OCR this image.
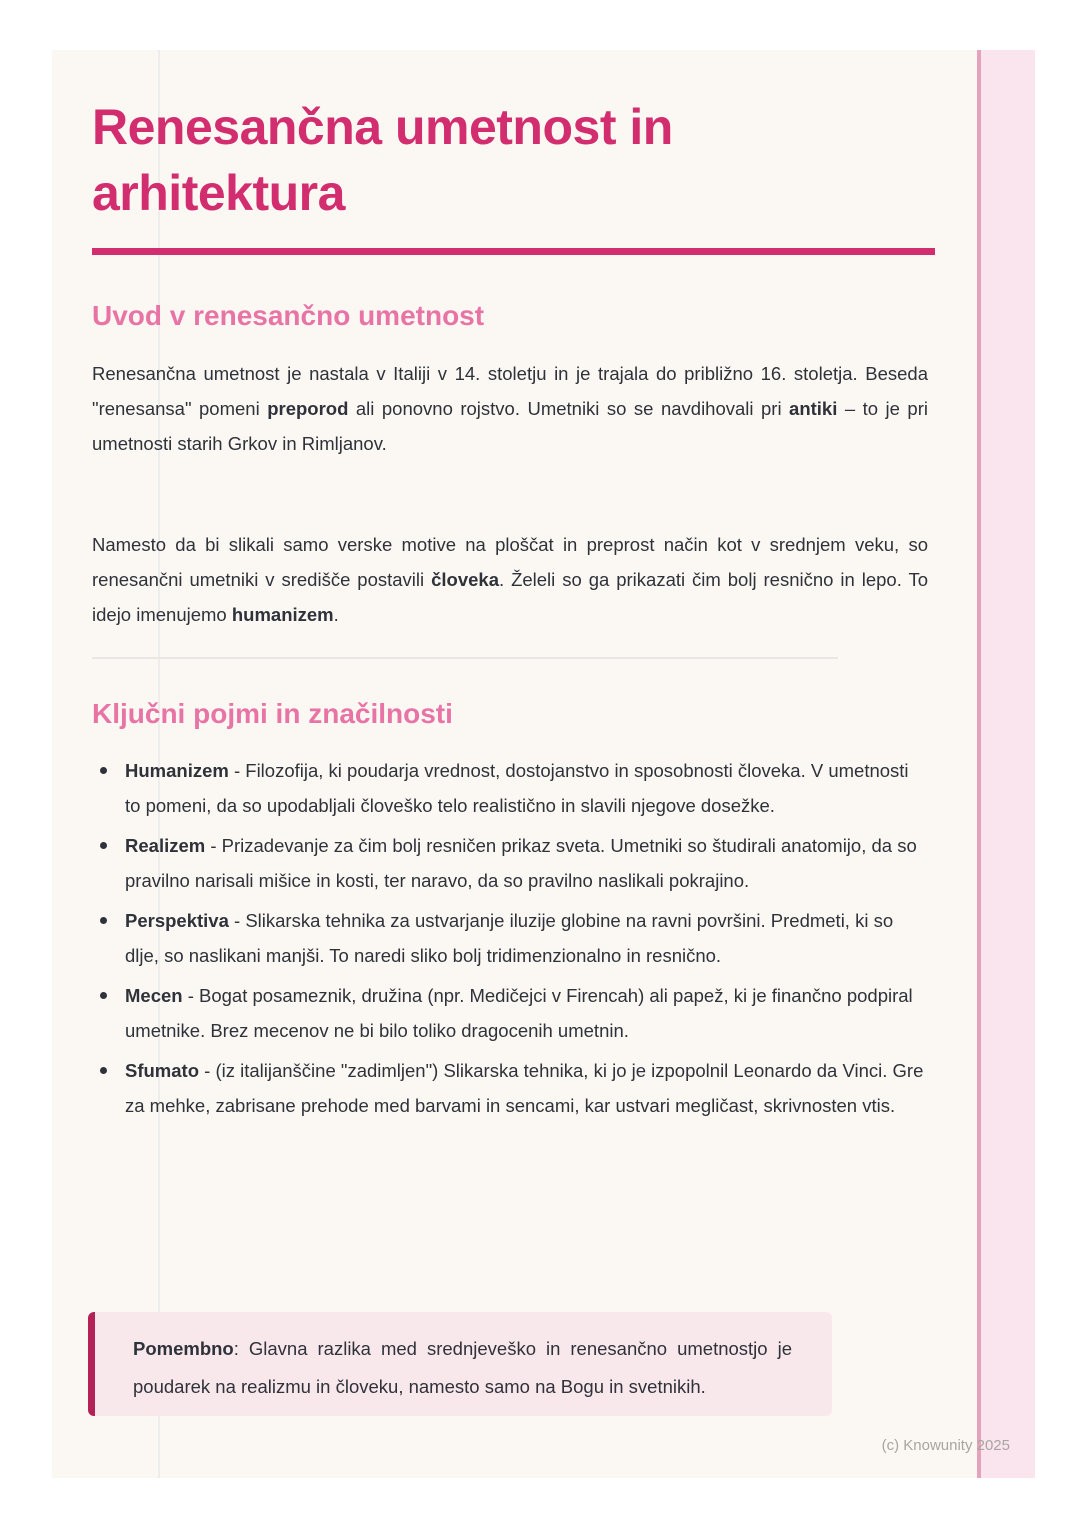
Renesančna umetnost in arhitektura
Uvod v renesančno umetnost

Renesančna umetnost je nastala v Italiji v 14. stoletju in je trajala do približno 16. stoletja. Beseda "renesansa" pomeni preporod ali ponovno rojstvo. Umetniki so se navdihovali pri antiki – to je pri umetnosti starih Grkov in Rimljanov.

Namesto da bi slikali samo verske motive na ploščat in preprost način kot v srednjem veku, so renesančni umetniki v središče postavili človeka. Želeli so ga prikazati čim bolj resnično in lepo. To idejo imenujemo humanizem.

Ključni pojmi in značilnosti
Humanizem - Filozofija, ki poudarja vrednost, dostojanstvo in sposobnosti človeka. V umetnosti to pomeni, da so upodabljali človeško telo realistično in slavili njegove dosežke.
Realizem - Prizadevanje za čim bolj resničen prikaz sveta. Umetniki so študirali anatomijo, da so pravilno narisali mišice in kosti, ter naravo, da so pravilno naslikali pokrajino.
Perspektiva - Slikarska tehnika za ustvarjanje iluzije globine na ravni površini. Predmeti, ki so dlje, so naslikani manjši. To naredi sliko bolj tridimenzionalno in resnično.
Mecen - Bogat posameznik, družina (npr. Medičejci v Firencah) ali papež, ki je finančno podpiral umetnike. Brez mecenov ne bi bilo toliko dragocenih umetnin.
Sfumato - (iz italijanščine "zadimljen") Slikarska tehnika, ki jo je izpopolnil Leonardo da Vinci. Gre za mehke, zabrisane prehode med barvami in sencami, kar ustvari megličast, skrivnosten vtis.
Pomembno: Glavna razlika med srednjeveško in renesančno umetnostjo je poudarek na realizmu in človeku, namesto samo na Bogu in svetnikih.
(c) Knowunity 2025
